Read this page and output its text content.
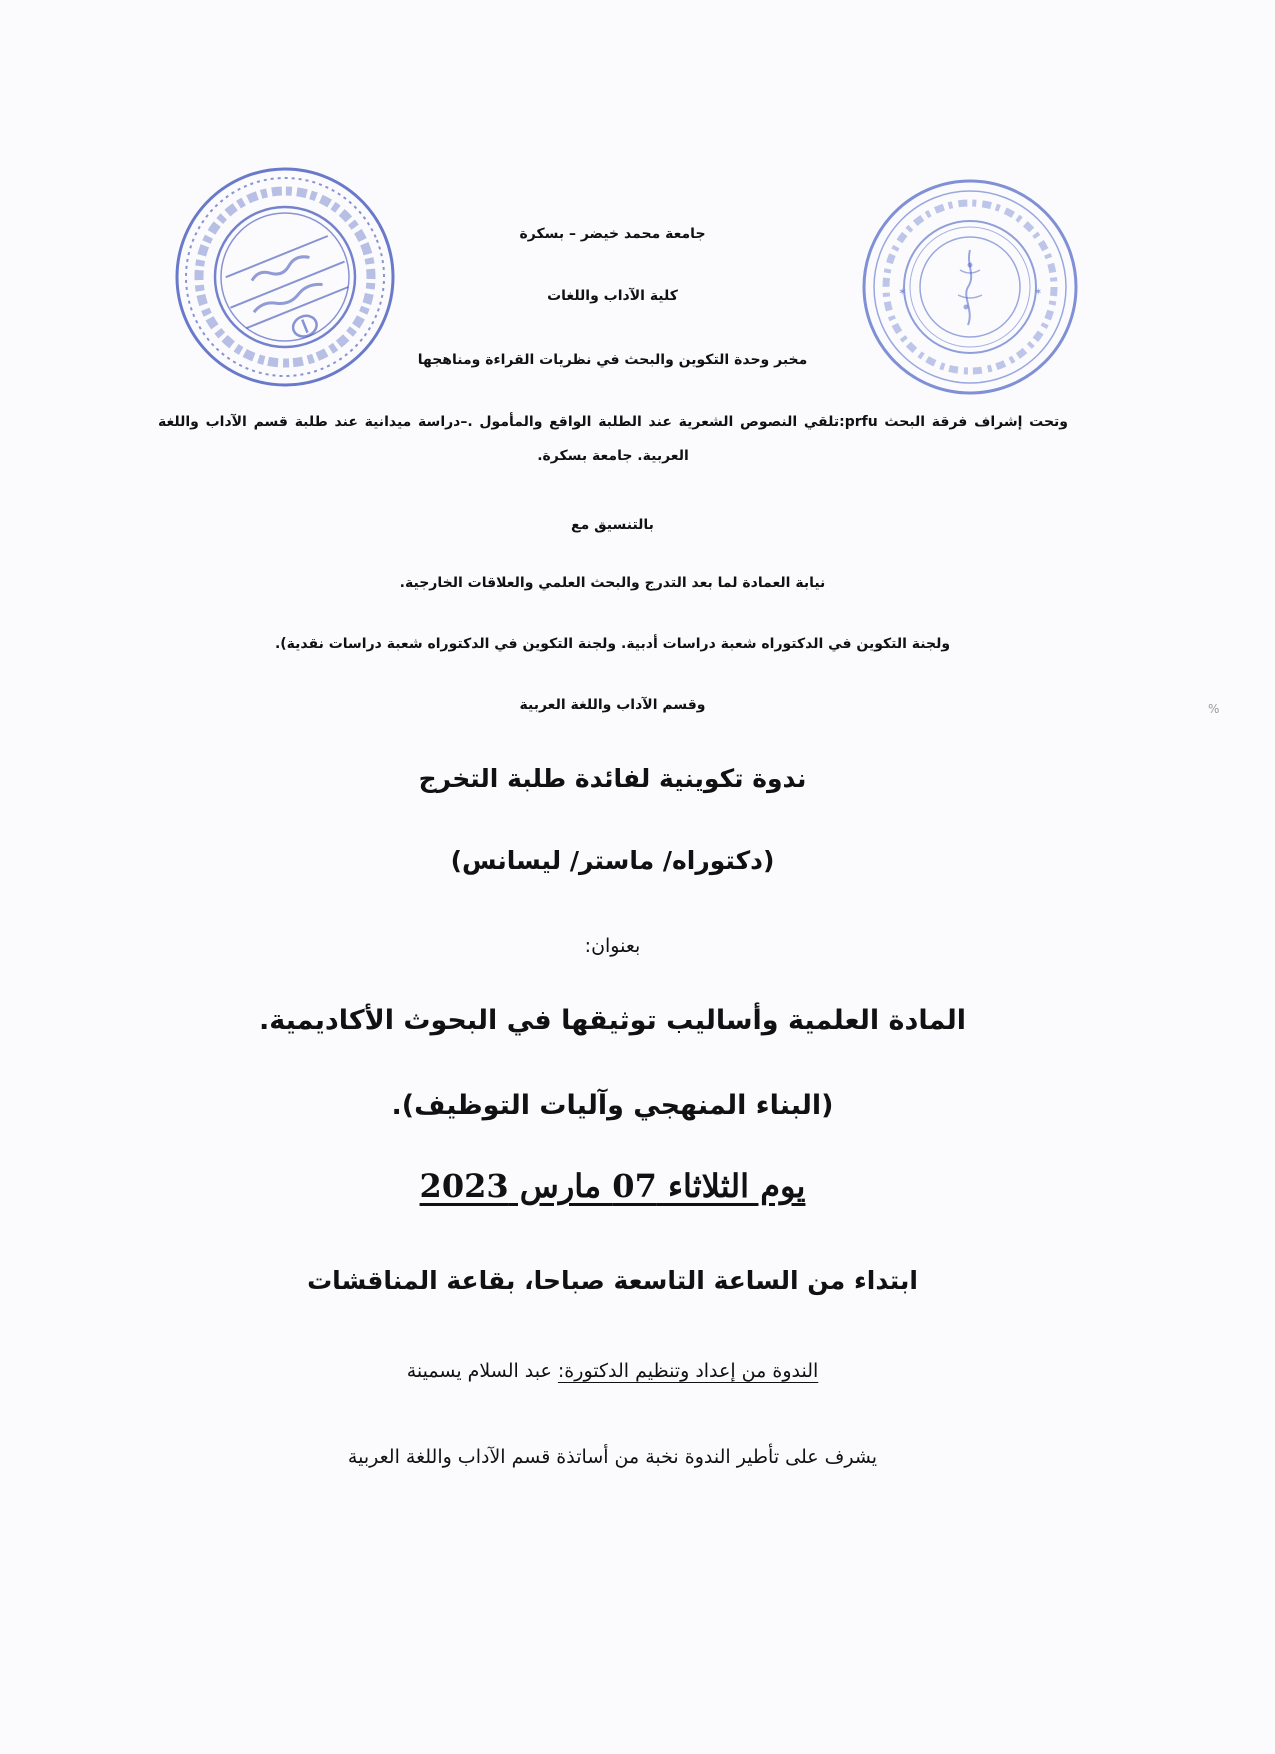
✶	✶
%
جامعة محمد خيضر – بسكرة
كلية الآداب واللغات
مخبر وحدة التكوين والبحث في نظريات القراءة ومناهجها
وتحت إشراف فرقة البحث prfu:تلقي النصوص الشعرية عند الطلبة الواقع والمأمول .–دراسة ميدانية عند طلبة قسم الآداب واللغة العربية. جامعة بسكرة.
بالتنسيق مع
نيابة العمادة لما بعد التدرج والبحث العلمي والعلاقات الخارجية.
ولجنة التكوين في الدكتوراه شعبة دراسات أدبية. ولجنة التكوين في الدكتوراه شعبة دراسات نقدية).
وقسم الآداب واللغة العربية
ندوة تكوينية لفائدة طلبة التخرج
(دكتوراه/ ماستر/ ليسانس)
بعنوان:
المادة العلمية وأساليب توثيقها في البحوث الأكاديمية.
(البناء المنهجي وآليات التوظيف).
يوم الثلاثاء 07 مارس 2023
ابتداء من الساعة التاسعة صباحا، بقاعة المناقشات
الندوة من إعداد وتنظيم الدكتورة: عبد السلام يسمينة
يشرف على تأطير الندوة نخبة من أساتذة قسم الآداب واللغة العربية
